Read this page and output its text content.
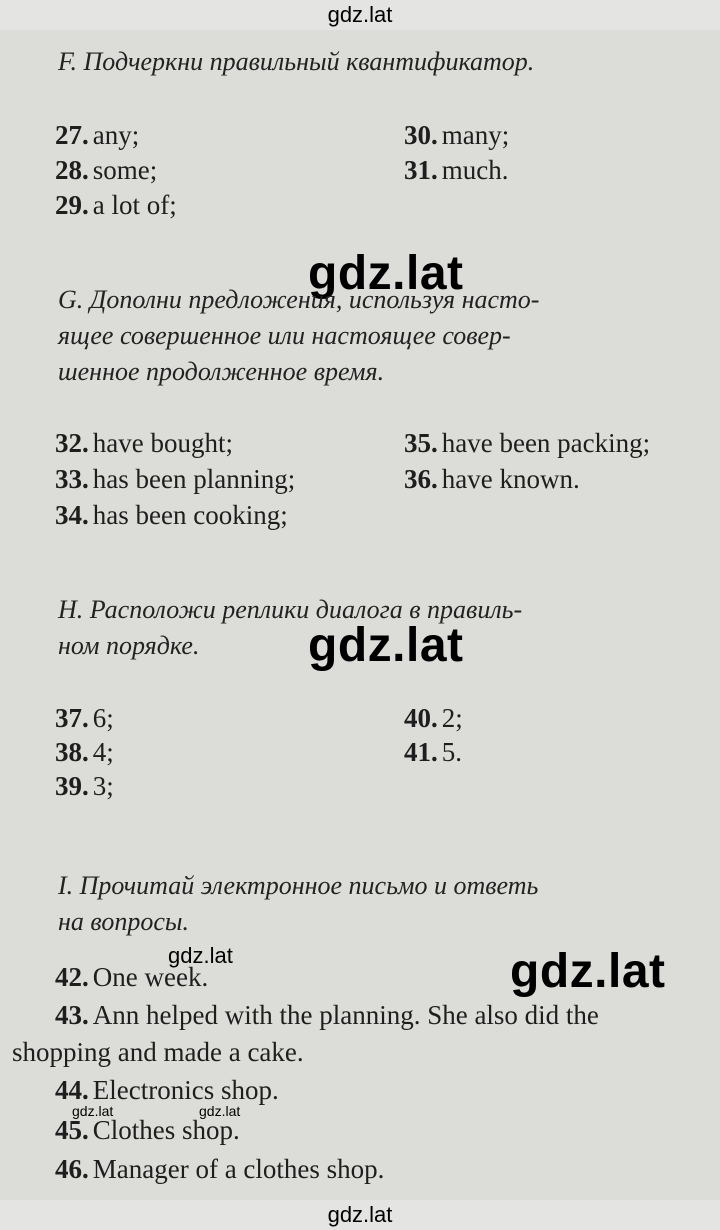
gdz.lat
gdz.lat
gdz.lat
gdz.lat
gdz.lat
gdz.lat	gdz.lat
gdz.lat
F. Подчеркни правильный квантификатор.
27. any;
28. some;
29. a lot of;
30. many;
31. much.
G. Дополни предложения, используя насто-
ящее совершенное или настоящее совер-
шенное продолженное время.
32. have bought;
33. has been planning;
34. has been cooking;
35. have been packing;
36. have known.
H. Расположи реплики диалога в правиль-
ном порядке.
37. 6;
38. 4;
39. 3;
40. 2;
41. 5.
I. Прочитай электронное письмо и ответь
на вопросы.
42. One week.
43. Ann helped with the planning. She also did the
shopping and made a cake.
44. Electronics shop.
45. Clothes shop.
46. Manager of a clothes shop.
